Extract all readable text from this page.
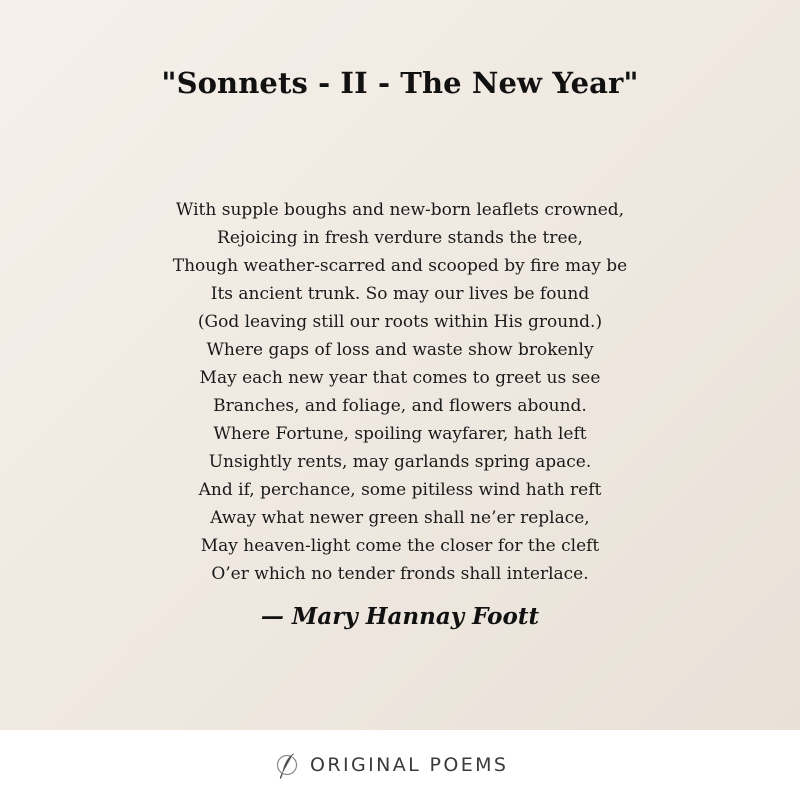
"Sonnets - II - The New Year"
With supple boughs and new-born leaflets crowned,
Rejoicing in fresh verdure stands the tree,
Though weather-scarred and scooped by fire may be
Its ancient trunk. So may our lives be found
(God leaving still our roots within His ground.)
Where gaps of loss and waste show brokenly
May each new year that comes to greet us see
Branches, and foliage, and flowers abound.
Where Fortune, spoiling wayfarer, hath left
Unsightly rents, may garlands spring apace.
And if, perchance, some pitiless wind hath reft
Away what newer green shall ne’er replace,
May heaven-light come the closer for the cleft
O’er which no tender fronds shall interlace.
— Mary Hannay Foott
ORIGINAL POEMS
